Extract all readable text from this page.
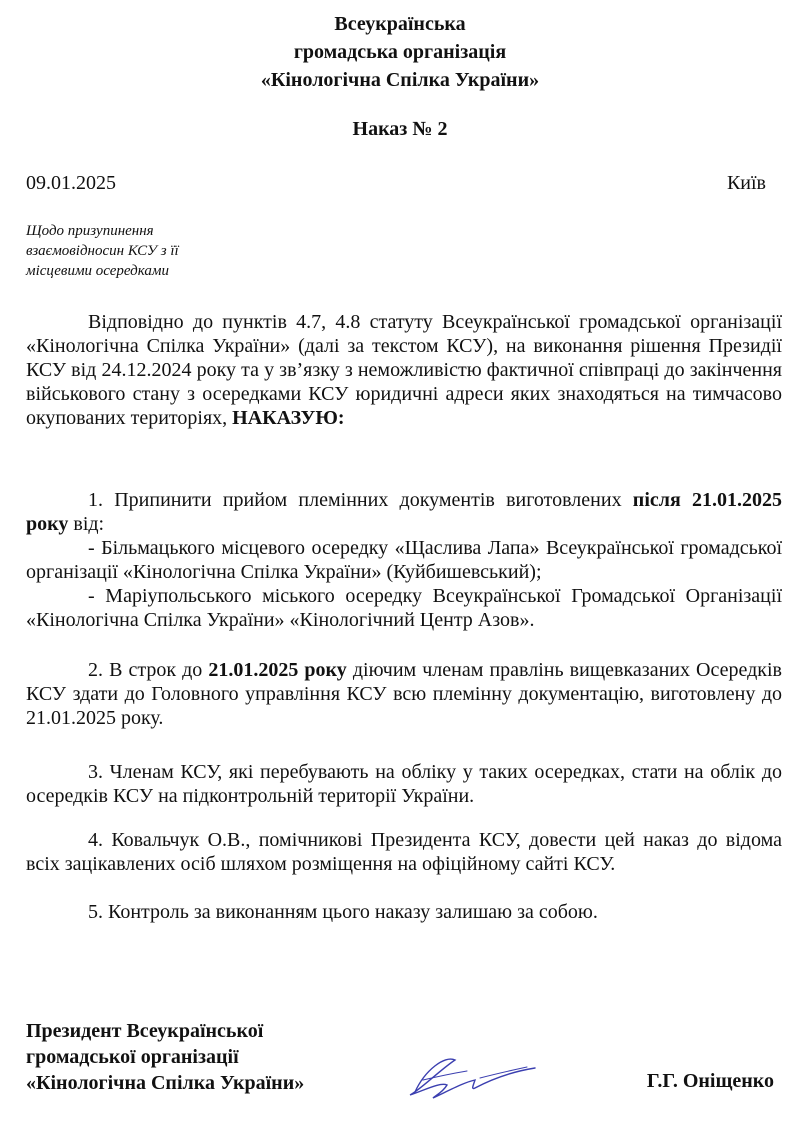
Всеукраїнська
громадська організація
«Кінологічна Спілка України»
Наказ № 2
09.01.2025	Київ
Щодо призупинення
взаємовідносин КСУ з її
місцевими осередками

Відповідно до пунктів 4.7, 4.8 статуту Всеукраїнської громадської організації «Кінологічна Спілка України» (далі за текстом КСУ), на виконання рішення Президії КСУ від 24.12.2024 року та у зв’язку з неможливістю фактичної співпраці до закінчення військового стану з осередками КСУ юридичні адреси яких знаходяться на тимчасово окупованих територіях, НАКАЗУЮ:

1. Припинити прийом племінних документів виготовлених після 21.01.2025 року від:

- Більмацького місцевого осередку «Щаслива Лапа» Всеукраїнської громадської організації «Кінологічна Спілка України» (Куйбишевський);

- Маріупольського міського осередку Всеукраїнської Громадської Організації «Кінологічна Спілка України» «Кінологічний Центр Азов».

2. В строк до 21.01.2025 року діючим членам правлінь вищевказаних Осередків КСУ здати до Головного управління КСУ всю племінну документацію, виготовлену до 21.01.2025 року.

3. Членам КСУ, які перебувають на обліку у таких осередках, стати на облік до осередків КСУ на підконтрольній території України.

4. Ковальчук О.В., помічникові Президента КСУ, довести цей наказ до відома всіх зацікавлених осіб шляхом розміщення на офіційному сайті КСУ.

5. Контроль за виконанням цього наказу залишаю за собою.

Президент Всеукраїнської
громадської організації
«Кінологічна Спілка України»	Г.Г. Оніщенко
